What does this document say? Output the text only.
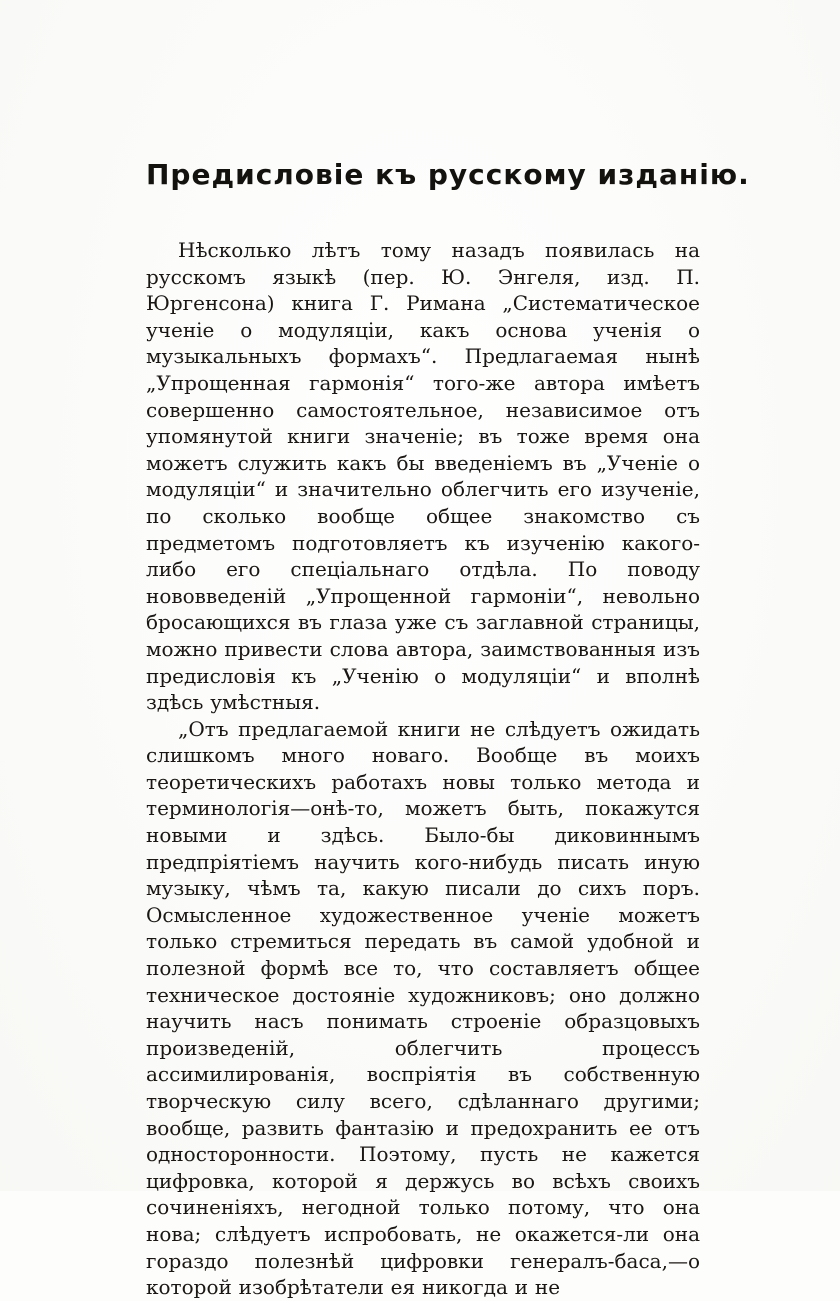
Предисловіе къ русскому изданію.

Нѣсколько лѣтъ тому назадъ появилась на русскомъ языкѣ (пер. Ю. Энгеля, изд. П. Юргенсона) книга Г. Римана „Систематическое ученіе о модуляціи, какъ основа ученія о музыкальныхъ формахъ“. Предлагаемая нынѣ „Упрощенная гармонія“ того-же автора имѣетъ совершенно самостоятельное, независимое отъ упомянутой книги значеніе; въ тоже время она можетъ служить какъ бы введеніемъ въ „Ученіе о модуляціи“ и значительно облегчить его изученіе, по сколько вообще общее знакомство съ предметомъ подготовляетъ къ изученію какого-либо его спеціальнаго отдѣла. По поводу нововведеній „Упрощенной гармоніи“, невольно бросающихся въ глаза уже съ заглавной страницы, можно привести слова автора, заимствованныя изъ предисловія къ „Ученію о модуляціи“ и вполнѣ здѣсь умѣстныя.

„Отъ предлагаемой книги не слѣдуетъ ожидать слишкомъ много новаго. Вообще въ моихъ теоретическихъ работахъ новы только метода и терминологія—онѣ-то, можетъ быть, покажутся новыми и здѣсь. Было-бы диковиннымъ предпріятіемъ научить кого-нибудь писать иную музыку, чѣмъ та, какую писали до сихъ поръ. Осмысленное художественное ученіе можетъ только стремиться передать въ самой удобной и полезной формѣ все то, что составляетъ общее техническое достояніе художниковъ; оно должно научить насъ понимать строеніе образцовыхъ произведеній, облегчить процессъ ассимилированія, воспріятія въ собственную творческую силу всего, сдѣланнаго другими; вообще, развить фантазію и предохранить ее отъ односторонности. Поэтому, пусть не кажется цифровка, которой я держусь во всѣхъ своихъ сочиненіяхъ, негодной только потому, что она нова; слѣдуетъ испробовать, не окажется-ли она гораздо полезнѣй цифровки генералъ-баса,—о которой изобрѣтатели ея никогда и не
